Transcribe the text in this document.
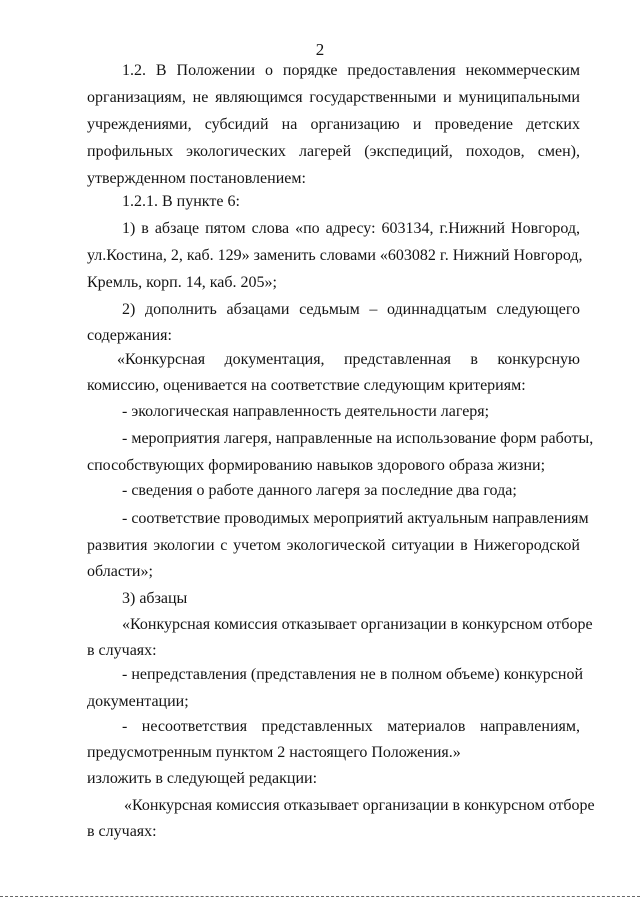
2
1.2. В Положении о порядке предоставления некоммерческим
организациям, не являющимся государственными и муниципальными
учреждениями, субсидий на организацию и проведение детских
профильных экологических лагерей (экспедиций, походов, смен),
утвержденном постановлением:
1.2.1. В пункте 6:
1) в абзаце пятом слова «по адресу: 603134, г.Нижний Новгород,
ул.Костина, 2, каб. 129» заменить словами «603082 г. Нижний Новгород,
Кремль, корп. 14, каб. 205»;
2) дополнить абзацами седьмым – одиннадцатым следующего
содержания:
«Конкурсная документация, представленная в конкурсную
комиссию, оценивается на соответствие следующим критериям:
- экологическая направленность деятельности лагеря;
- мероприятия лагеря, направленные на использование форм работы,
способствующих формированию навыков здорового образа жизни;
- сведения о работе данного лагеря за последние два года;
- соответствие проводимых мероприятий актуальным направлениям
развития экологии с учетом экологической ситуации в Нижегородской
области»;
3) абзацы
«Конкурсная комиссия отказывает организации в конкурсном отборе
в случаях:
- непредставления (представления не в полном объеме) конкурсной
документации;
- несоответствия представленных материалов направлениям,
предусмотренным пунктом 2 настоящего Положения.»
изложить в следующей редакции:
«Конкурсная комиссия отказывает организации в конкурсном отборе
в случаях:
